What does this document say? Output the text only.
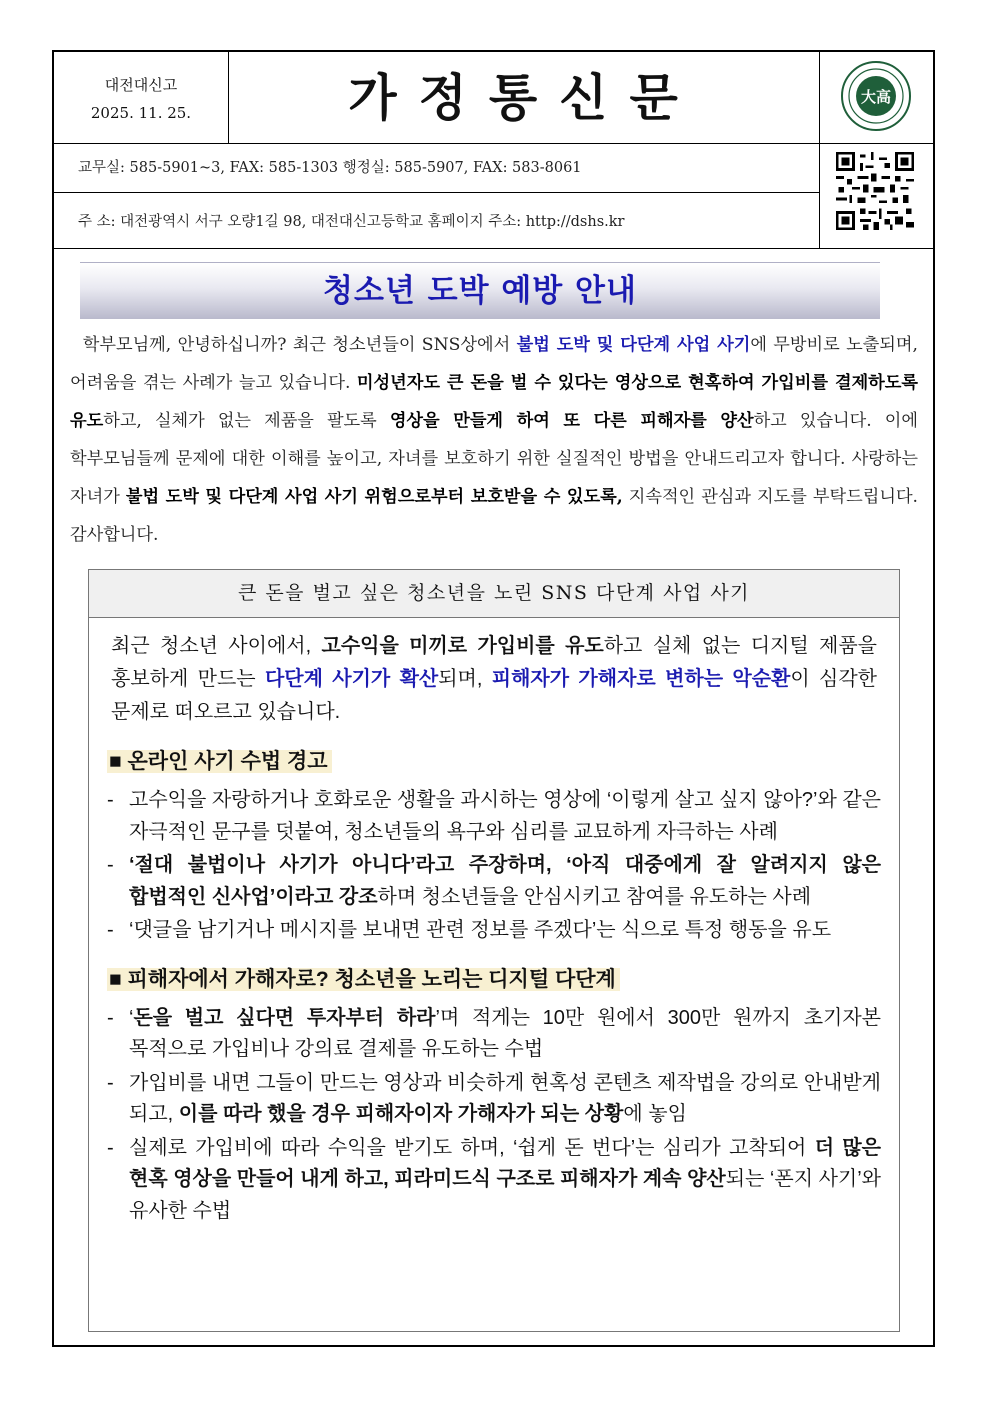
대전대신고
2025. 11. 25.	가정통신문	大高
교무실: 585-5901~3, FAX: 585-1303 행정실: 585-5907, FAX: 583-8061
주 소: 대전광역시 서구 오량1길 98, 대전대신고등학교 홈페이지 주소: http://dshs.kr
청소년 도박 예방 안내
학부모님께, 안녕하십니까? 최근 청소년들이 SNS상에서 불법 도박 및 다단계 사업 사기에 무방비로 노출되며, 어려움을 겪는 사례가 늘고 있습니다. 미성년자도 큰 돈을 벌 수 있다는 영상으로 현혹하여 가입비를 결제하도록 유도하고, 실체가 없는 제품을 팔도록 영상을 만들게 하여 또 다른 피해자를 양산하고 있습니다. 이에 학부모님들께 문제에 대한 이해를 높이고, 자녀를 보호하기 위한 실질적인 방법을 안내드리고자 합니다. 사랑하는 자녀가 불법 도박 및 다단계 사업 사기 위험으로부터 보호받을 수 있도록, 지속적인 관심과 지도를 부탁드립니다. 감사합니다.
큰 돈을 벌고 싶은 청소년을 노린 SNS 다단계 사업 사기
최근 청소년 사이에서, 고수익을 미끼로 가입비를 유도하고 실체 없는 디지털 제품을 홍보하게 만드는 다단계 사기가 확산되며, 피해자가 가해자로 변하는 악순환이 심각한 문제로 떠오르고 있습니다.
■ 온라인 사기 수법 경고
- 고수익을 자랑하거나 호화로운 생활을 과시하는 영상에 ‘이렇게 살고 싶지 않아?’와 같은 자극적인 문구를 덧붙여, 청소년들의 욕구와 심리를 교묘하게 자극하는 사례
- ‘절대 불법이나 사기가 아니다’라고 주장하며, ‘아직 대중에게 잘 알려지지 않은 합법적인 신사업’이라고 강조하며 청소년들을 안심시키고 참여를 유도하는 사례
- ‘댓글을 남기거나 메시지를 보내면 관련 정보를 주겠다’는 식으로 특정 행동을 유도
■ 피해자에서 가해자로? 청소년을 노리는 디지털 다단계
- ‘돈을 벌고 싶다면 투자부터 하라’며 적게는 10만 원에서 300만 원까지 초기자본 목적으로 가입비나 강의료 결제를 유도하는 수법
- 가입비를 내면 그들이 만드는 영상과 비슷하게 현혹성 콘텐츠 제작법을 강의로 안내받게 되고, 이를 따라 했을 경우 피해자이자 가해자가 되는 상황에 놓임
- 실제로 가입비에 따라 수익을 받기도 하며, ‘쉽게 돈 번다’는 심리가 고착되어 더 많은 현혹 영상을 만들어 내게 하고, 피라미드식 구조로 피해자가 계속 양산되는 ‘폰지 사기’와 유사한 수법
